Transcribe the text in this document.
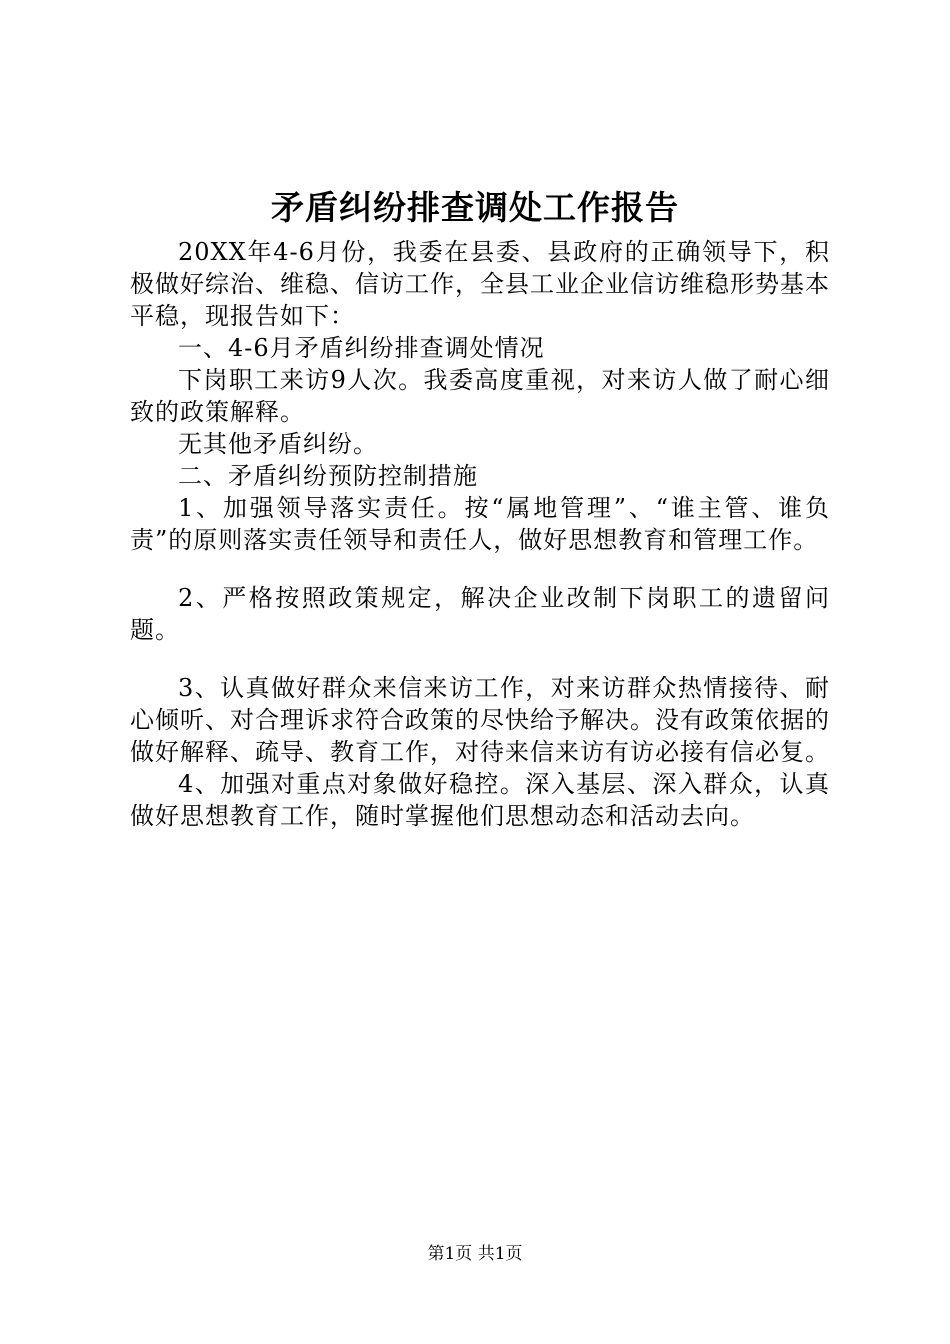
矛盾纠纷排查调处工作报告

20XX年4-6月份，我委在县委、县政府的正确领导下，积极做好综治、维稳、信访工作，全县工业企业信访维稳形势基本平稳，现报告如下：

一、4-6月矛盾纠纷排查调处情况

下岗职工来访9人次。我委高度重视，对来访人做了耐心细致的政策解释。

无其他矛盾纠纷。

二、矛盾纠纷预防控制措施

1、加强领导落实责任。按“属地管理”、“谁主管、谁负责”的原则落实责任领导和责任人，做好思想教育和管理工作。

2、严格按照政策规定，解决企业改制下岗职工的遗留问题。

3、认真做好群众来信来访工作，对来访群众热情接待、耐心倾听、对合理诉求符合政策的尽快给予解决。没有政策依据的做好解释、疏导、教育工作，对待来信来访有访必接有信必复。

4、加强对重点对象做好稳控。深入基层、深入群众，认真做好思想教育工作，随时掌握他们思想动态和活动去向。

第1页 共1页
